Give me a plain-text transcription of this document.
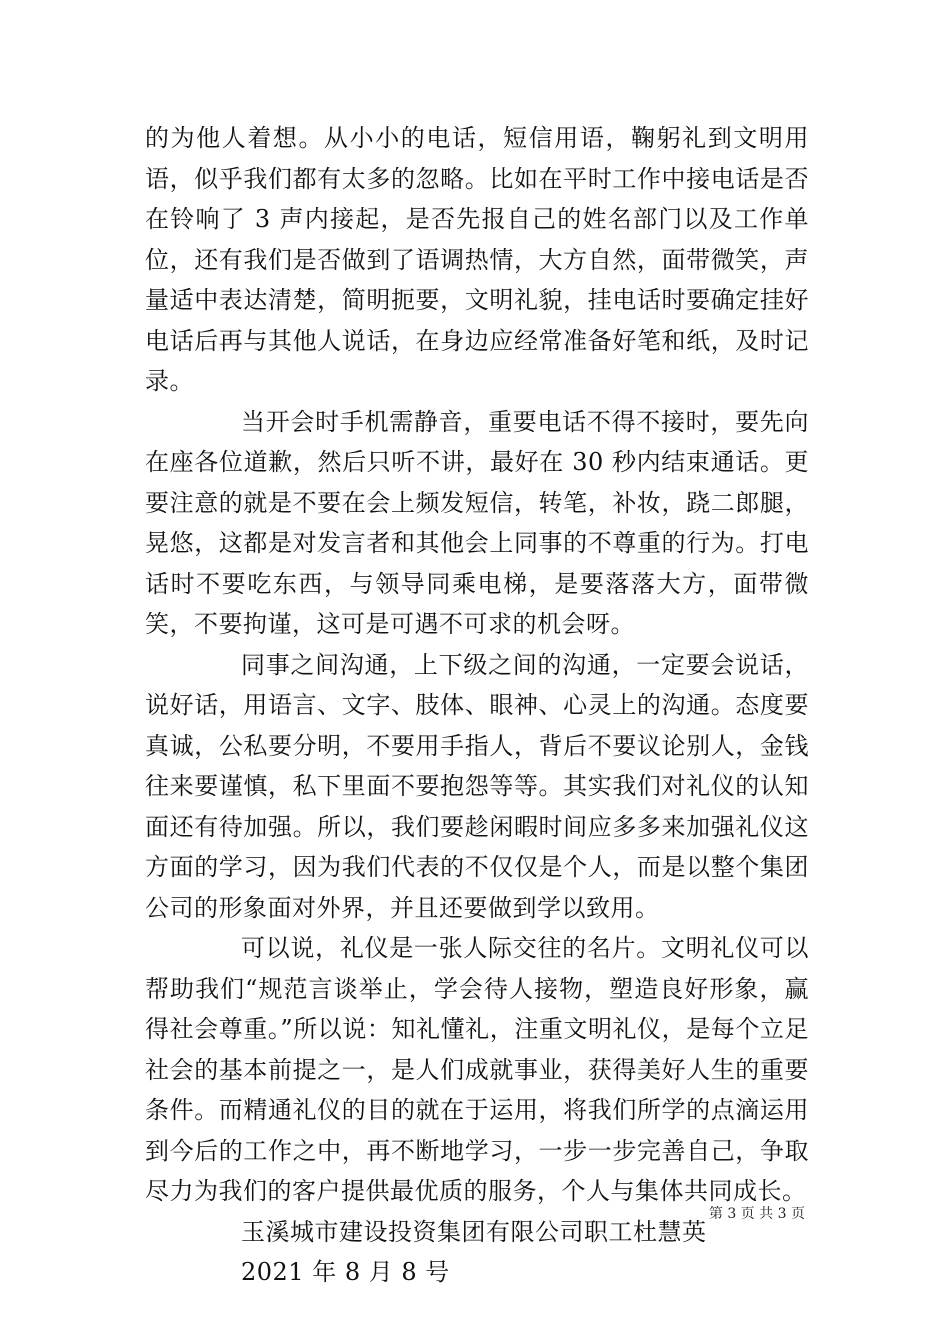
的为他人着想。从小小的电话，短信用语，鞠躬礼到文明用语，似乎我们都有太多的忽略。比如在平时工作中接电话是否在铃响了 3 声内接起，是否先报自己的姓名部门以及工作单位，还有我们是否做到了语调热情，大方自然，面带微笑，声量适中表达清楚，简明扼要，文明礼貌，挂电话时要确定挂好电话后再与其他人说话，在身边应经常准备好笔和纸，及时记录。

当开会时手机需静音，重要电话不得不接时，要先向在座各位道歉，然后只听不讲，最好在 30 秒内结束通话。更要注意的就是不要在会上频发短信，转笔，补妆，跷二郎腿，晃悠，这都是对发言者和其他会上同事的不尊重的行为。打电话时不要吃东西，与领导同乘电梯，是要落落大方，面带微笑，不要拘谨，这可是可遇不可求的机会呀。

同事之间沟通，上下级之间的沟通，一定要会说话，说好话，用语言、文字、肢体、眼神、心灵上的沟通。态度要真诚，公私要分明，不要用手指人，背后不要议论别人，金钱往来要谨慎，私下里面不要抱怨等等。其实我们对礼仪的认知面还有待加强。所以，我们要趁闲暇时间应多多来加强礼仪这方面的学习，因为我们代表的不仅仅是个人，而是以整个集团公司的形象面对外界，并且还要做到学以致用。

可以说，礼仪是一张人际交往的名片。文明礼仪可以帮助我们“规范言谈举止，学会待人接物，塑造良好形象，赢得社会尊重。”所以说：知礼懂礼，注重文明礼仪，是每个立足社会的基本前提之一，是人们成就事业，获得美好人生的重要条件。而精通礼仪的目的就在于运用，将我们所学的点滴运用到今后的工作之中，再不断地学习，一步一步完善自己，争取尽力为我们的客户提供最优质的服务，个人与集体共同成长。

玉溪城市建设投资集团有限公司职工杜慧英

2021 年 8 月 8 号

第 3 页 共 3 页
